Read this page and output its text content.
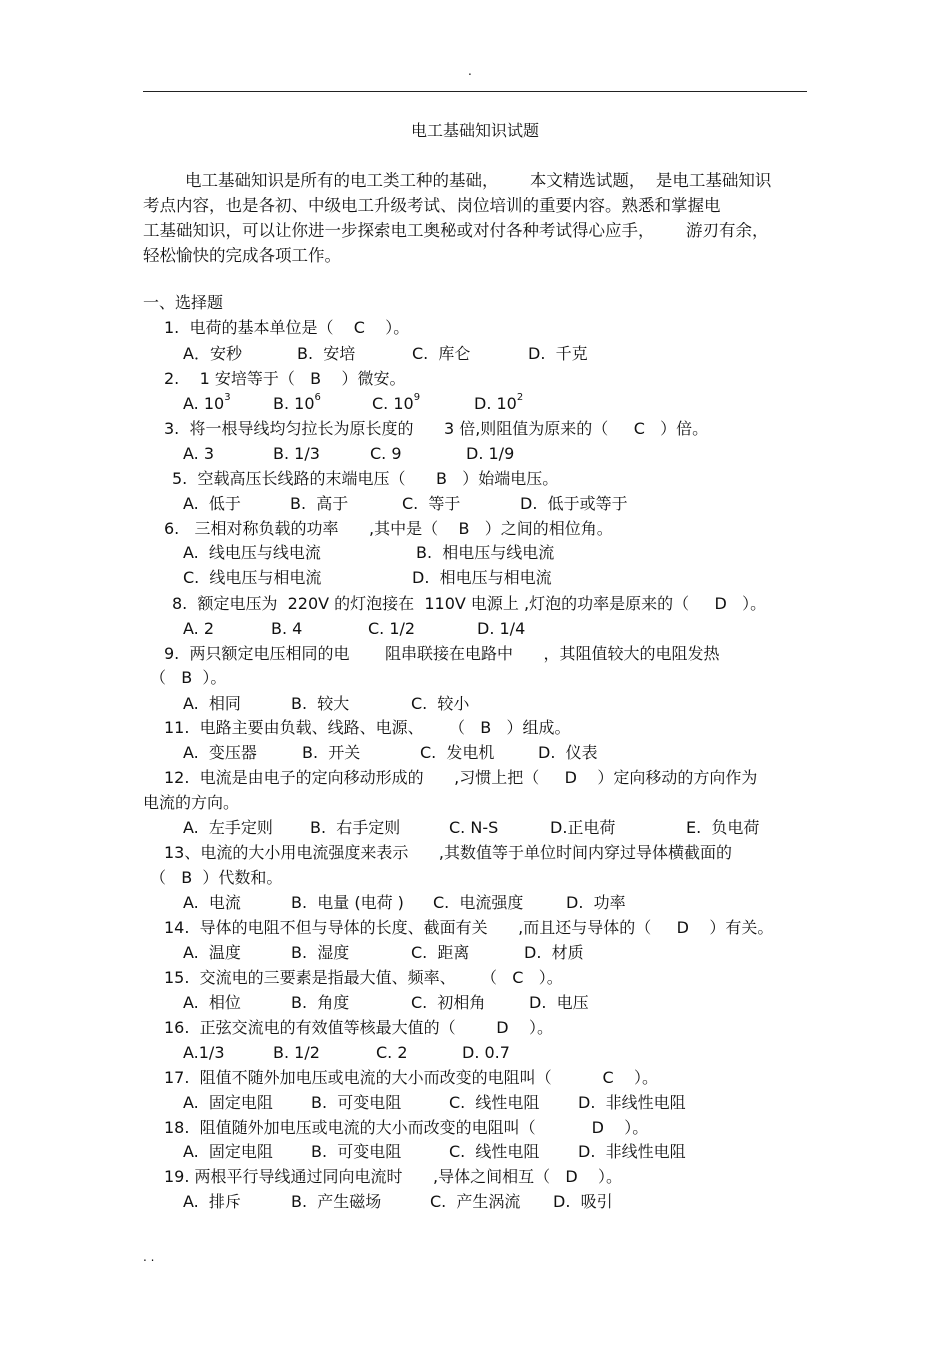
.
电工基础知识试题
电工基础知识是所有的电工类工种的基础，      本文精选试题，  是电工基础知识
考点内容，也是各初、中级电工升级考试、岗位培训的重要内容。熟悉和掌握电
工基础知识，可以让你进一步探索电工奥秘或对付各种考试得心应手，      游刃有余，
轻松愉快的完成各项工作。
一、选择题
1.  电荷的基本单位是（    C    ）。
A．安秒	B.  安培	C.  库仑	D.  千克
2.    1 安培等于（   B    ）微安。
A. $10^3$	B. $10^6$	C. $10^9$	D. $10^2$
3.  将一根导线均匀拉长为原长度的      3 倍,则阻值为原来的（     C   ）倍。
A. 3	B. 1/3	C. 9	D. 1/9
5.  空载高压长线路的末端电压（      B   ）始端电压。
A.  低于	B.  高于	C.  等于	D.  低于或等于
6.   三相对称负载的功率      ,其中是（    B   ）之间的相位角。
A.  线电压与线电流	B.  相电压与线电流
C.  线电压与相电流	D.  相电压与相电流
8.  额定电压为  220V 的灯泡接在  110V 电源上 ,灯泡的功率是原来的（     D   ）。
A. 2	B. 4	C. 1/2	D. 1/4
9.  两只额定电压相同的电       阻串联接在电路中      ，其阻值较大的电阻发热
（   B  ）。
A.  相同	B.  较大	C.  较小
11.  电路主要由负载、线路、电源、     （   B   ）组成。
A.  变压器	B.  开关	C.  发电机	D.  仪表
12.  电流是由电子的定向移动形成的      ,习惯上把（     D    ）定向移动的方向作为
电流的方向。
A.  左手定则 B.  右手定则	C. N-S	D.正电荷	E.  负电荷
13、电流的大小用电流强度来表示      ,其数值等于单位时间内穿过导体横截面的
（   B  ）代数和。
A.  电流	B.  电量 (电荷 ) C.  电流强度	D.  功率
14.  导体的电阻不但与导体的长度、截面有关      ,而且还与导体的（     D    ）有关。
A.  温度	B.  湿度	C.  距离	D.  材质
15.  交流电的三要素是指最大值、频率、     （   C   ）。
A.  相位	B.  角度	C.  初相角	D.  电压
16.  正弦交流电的有效值等核最大值的（        D    ）。
A.1/3	B. 1/2	C. 2	D. 0.7
17.  阻值不随外加电压或电流的大小而改变的电阻叫（          C    ）。
A.  固定电阻 B.  可变电阻	C.  线性电阻 D.  非线性电阻
18.  阻值随外加电压或电流的大小而改变的电阻叫（           D    ）。
A.  固定电阻 B.  可变电阻	C.  线性电阻 D.  非线性电阻
19. 两根平行导线通过同向电流时      ,导体之间相互（   D    ）。
A.  排斥	B.  产生磁场	C.  产生涡流 D.  吸引
. .
